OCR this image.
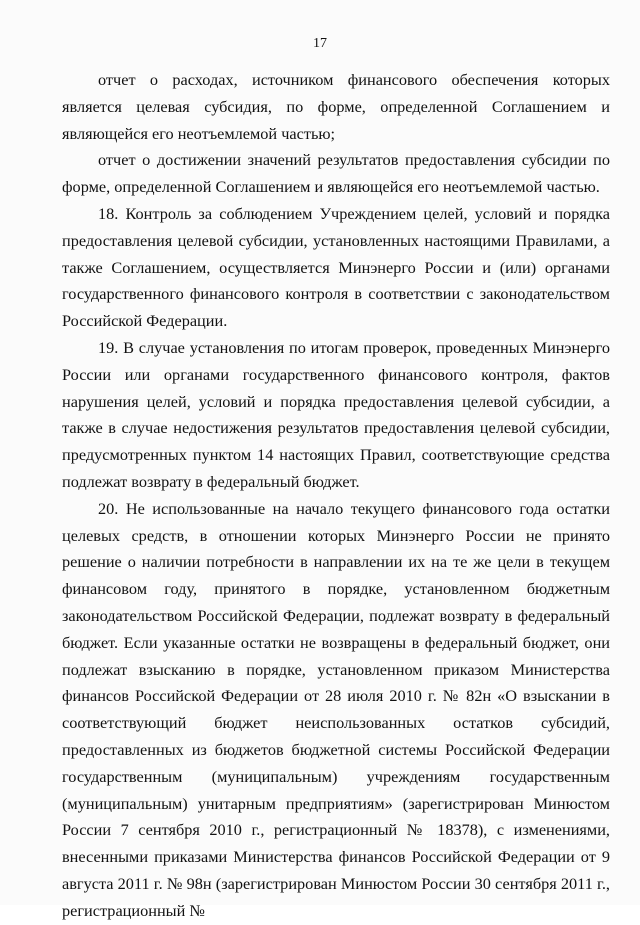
17

отчет о расходах, источником финансового обеспечения которых является целевая субсидия, по форме, определенной Соглашением и являющейся его неотъемлемой частью;

отчет о достижении значений результатов предоставления субсидии по форме, определенной Соглашением и являющейся его неотъемлемой частью.

18. Контроль за соблюдением Учреждением целей, условий и порядка предоставления целевой субсидии, установленных настоящими Правилами, а также Соглашением, осуществляется Минэнерго России и (или) органами государственного финансового контроля в соответствии с законодательством Российской Федерации.

19. В случае установления по итогам проверок, проведенных Минэнерго России или органами государственного финансового контроля, фактов нарушения целей, условий и порядка предоставления целевой субсидии, а также в случае недостижения результатов предоставления целевой субсидии, предусмотренных пунктом 14 настоящих Правил, соответствующие средства подлежат возврату в федеральный бюджет.

20. Не использованные на начало текущего финансового года остатки целевых средств, в отношении которых Минэнерго России не принято решение о наличии потребности в направлении их на те же цели в текущем финансовом году, принятого в порядке, установленном бюджетным законодательством Российской Федерации, подлежат возврату в федеральный бюджет. Если указанные остатки не возвращены в федеральный бюджет, они подлежат взысканию в порядке, установленном приказом Министерства финансов Российской Федерации от 28 июля 2010 г. № 82н «О взыскании в соответствующий бюджет неиспользованных остатков субсидий, предоставленных из бюджетов бюджетной системы Российской Федерации государственным (муниципальным) учреждениям государственным (муниципальным) унитарным предприятиям» (зарегистрирован Минюстом России 7 сентября 2010 г., регистрационный № 18378), с изменениями, внесенными приказами Министерства финансов Российской Федерации от 9 августа 2011 г. № 98н (зарегистрирован Минюстом России 30 сентября 2011 г., регистрационный №
